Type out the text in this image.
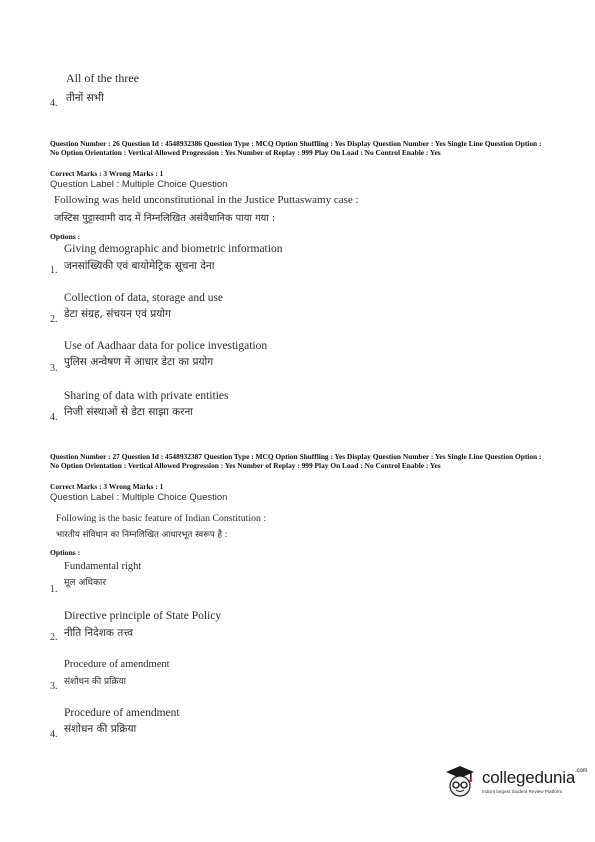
All of the three
तीनों सभी
4.
Question Number : 26 Question Id : 4548932386 Question Type : MCQ Option Shuffling : Yes Display Question Number : Yes Single Line Question Option : No Option Orientation : Vertical Allowed Progression : Yes Number of Replay : 999 Play On Load : No Control Enable : Yes
Correct Marks : 3 Wrong Marks : 1
Question Label : Multiple Choice Question
Following was held unconstitutional in the Justice Puttaswamy case :
जस्टिस पुट्टास्वामी वाद में निम्नलिखित असंवैधानिक पाया गया :
Options :
Giving demographic and biometric information
जनसांख्यिकी एवं बायोमेट्रिक सूचना देना
1.
Collection of data, storage and use
डेटा संग्रह, संचयन एवं प्रयोग
2.
Use of Aadhaar data for police investigation
पुलिस अन्वेषण में आधार डेटा का प्रयोग
3.
Sharing of data with private entities
निजी संस्थाओं से डेटा साझा करना
4.
Question Number : 27 Question Id : 4548932387 Question Type : MCQ Option Shuffling : Yes Display Question Number : Yes Single Line Question Option : No Option Orientation : Vertical Allowed Progression : Yes Number of Replay : 999 Play On Load : No Control Enable : Yes
Correct Marks : 3 Wrong Marks : 1
Question Label : Multiple Choice Question
Following is the basic feature of Indian Constitution :
भारतीय संविधान का निम्नलिखित आधारभूत स्वरूप है :
Options :
Fundamental right
मूल अधिकार
1.
Directive principle of State Policy
नीति निदेशक तत्त्व
2.
Procedure of amendment
संशोधन की प्रक्रिया
3.
Procedure of amendment
संशोधन की प्रक्रिया
4.
collegedunia$^{.com}$
India's largest Student Review Platform
